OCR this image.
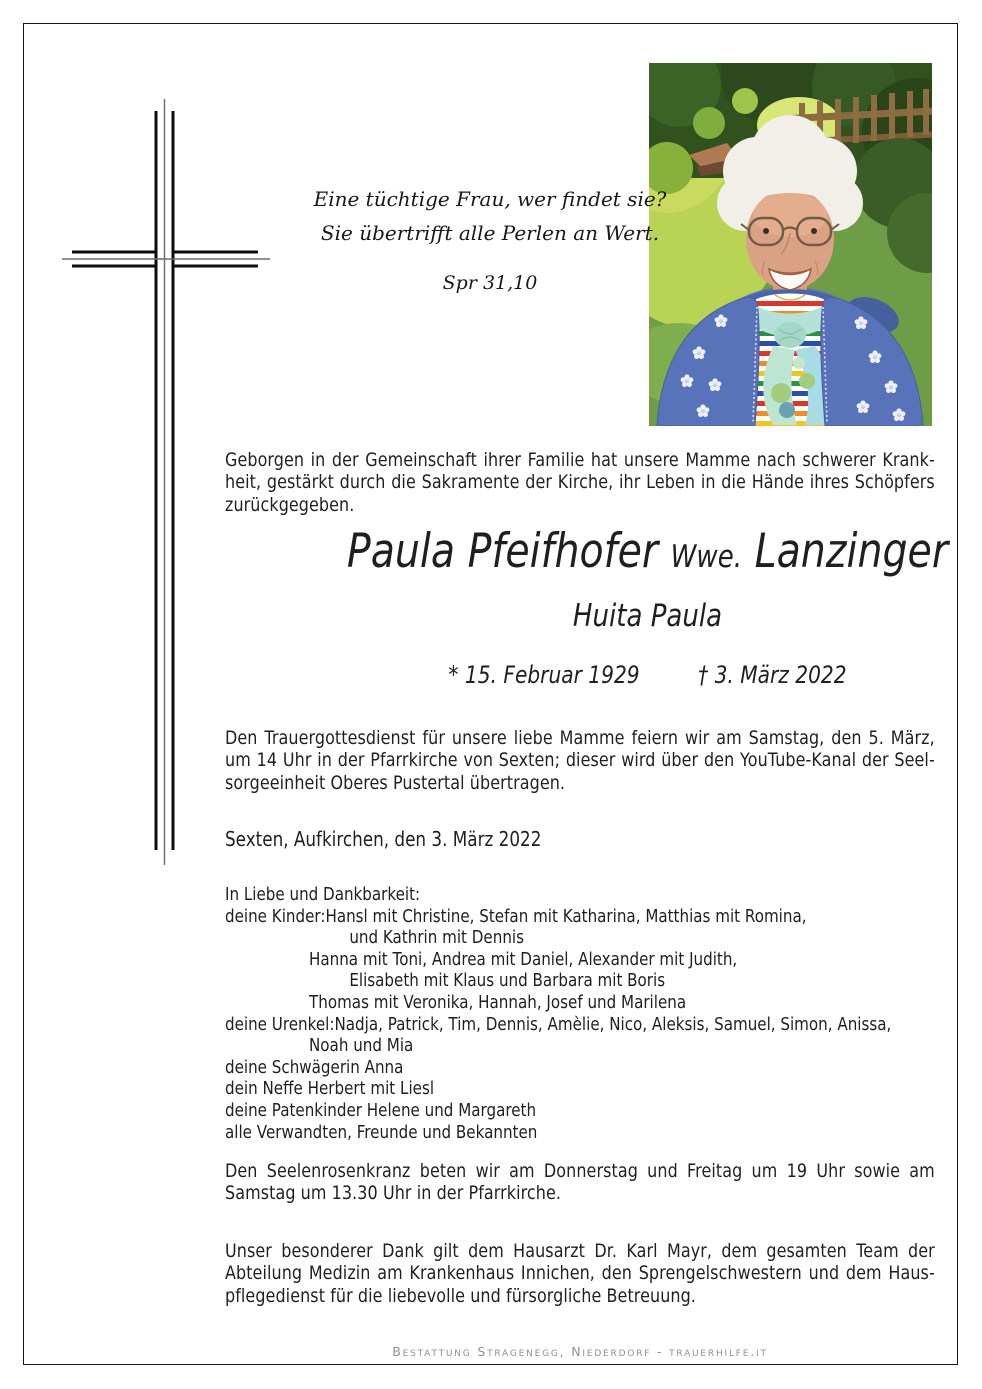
Eine tüchtige Frau, wer findet sie?
Sie übertrifft alle Perlen an Wert.
Spr 31,10
Geborgen in der Gemeinschaft ihrer Familie hat unsere Mamme nach schwerer Krank-
heit, gestärkt durch die Sakramente der Kirche, ihr Leben in die Hände ihres Schöpfers
zurückgegeben.
Paula Pfeifhofer Wwe. Lanzinger
Huita Paula
* 15. Februar 1929 † 3. März 2022
Den Trauergottesdienst für unsere liebe Mamme feiern wir am Samstag, den 5. März,
um 14 Uhr in der Pfarrkirche von Sexten; dieser wird über den YouTube-Kanal der Seel-
sorgeeinheit Oberes Pustertal übertragen.
Sexten, Aufkirchen, den 3. März 2022
In Liebe und Dankbarkeit:
deine Kinder:Hansl mit Christine, Stefan mit Katharina, Matthias mit Romina,
und Kathrin mit Dennis
Hanna mit Toni, Andrea mit Daniel, Alexander mit Judith,
Elisabeth mit Klaus und Barbara mit Boris
Thomas mit Veronika, Hannah, Josef und Marilena
deine Urenkel:Nadja, Patrick, Tim, Dennis, Amèlie, Nico, Aleksis, Samuel, Simon, Anissa,
Noah und Mia
deine Schwägerin Anna
dein Neffe Herbert mit Liesl
deine Patenkinder Helene und Margareth
alle Verwandten, Freunde und Bekannten
Den Seelenrosenkranz beten wir am Donnerstag und Freitag um 19 Uhr sowie am
Samstag um 13.30 Uhr in der Pfarrkirche.
Unser besonderer Dank gilt dem Hausarzt Dr. Karl Mayr, dem gesamten Team der
Abteilung Medizin am Krankenhaus Innichen, den Sprengelschwestern und dem Haus-
pflegedienst für die liebevolle und fürsorgliche Betreuung.
Bestattung Stragenegg, Niederdorf - trauerhilfe.it
